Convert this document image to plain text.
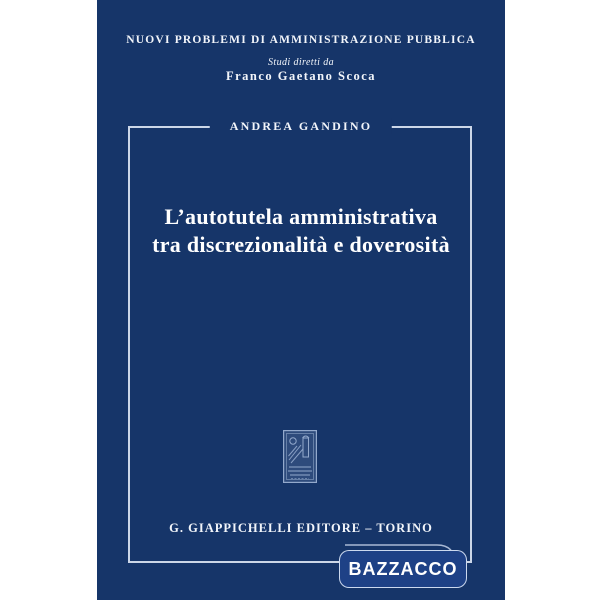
NUOVI PROBLEMI DI AMMINISTRAZIONE PUBBLICA
Studi diretti da
Franco Gaetano Scoca
ANDREA GANDINO
L’autotutela amministrativa
tra discrezionalità e doverosità
G. GIAPPICHELLI EDITORE – TORINO
BAZZACCO
